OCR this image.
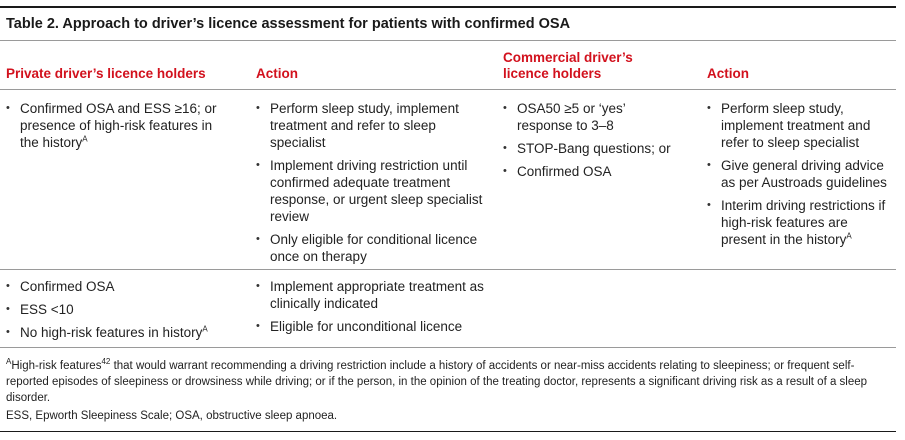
Table 2. Approach to driver’s licence assessment for patients with confirmed OSA
Private driver’s licence holders	Action
Commercial driver’s licence holders	Action
• Confirmed OSA and ESS ≥16; or presence of high-risk features in the history$^A$
• Perform sleep study, implement treatment and refer to sleep specialist
• Implement driving restriction until confirmed adequate treatment response, or urgent sleep specialist review
• Only eligible for conditional licence once on therapy
• OSA50 ≥5 or ‘yes’ response to 3–8
• STOP-Bang questions; or
• Confirmed OSA
• Perform sleep study, implement treatment and refer to sleep specialist
• Give general driving advice as per Austroads guidelines
• Interim driving restrictions if high-risk features are present in the history$^A$
• Confirmed OSA
• ESS <10
• No high-risk features in history$^A$
• Implement appropriate treatment as clinically indicated
• Eligible for unconditional licence
$^A$High-risk features$^{42}$ that would warrant recommending a driving restriction include a history of accidents or near-miss accidents relating to sleepiness; or frequent self-reported episodes of sleepiness or drowsiness while driving; or if the person, in the opinion of the treating doctor, represents a significant driving risk as a result of a sleep disorder.
ESS, Epworth Sleepiness Scale; OSA, obstructive sleep apnoea.
